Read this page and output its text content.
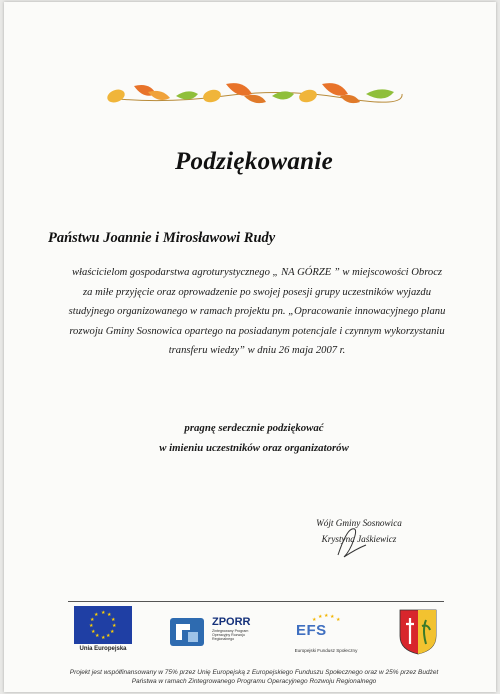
Podziękowanie
Państwu Joannie i Mirosławowi Rudy
właścicielom gospodarstwa agroturystycznego „ NA GÓRZE ” w miejscowości Obrocz
za miłe przyjęcie oraz oprowadzenie po swojej posesji grupy uczestników wyjazdu
studyjnego organizowanego w ramach projektu pn. „Opracowanie innowacyjnego planu
rozwoju Gminy Sosnowica opartego na posiadanym potencjale i czynnym wykorzystaniu
transferu wiedzy” w dniu 26 maja 2007 r.
pragnę serdecznie podziękować
w imieniu uczestników oraz organizatorów
Wójt Gminy Sosnowica
Krystyna Jaśkiewicz
★ ★
★
★
★
★
★
★
★
★
★
★
Unia Europejska
ZPORR
Zintegrowany Program Operacyjny Rozwoju Regionalnego
★ ★ ★ ★ ★
EFS
Europejski Fundusz Społeczny
Projekt jest współfinansowany w 75% przez Unię Europejską z Europejskiego Funduszu Społecznego oraz w 25% przez Budżet
Państwa w ramach Zintegrowanego Programu Operacyjnego Rozwoju Regionalnego
